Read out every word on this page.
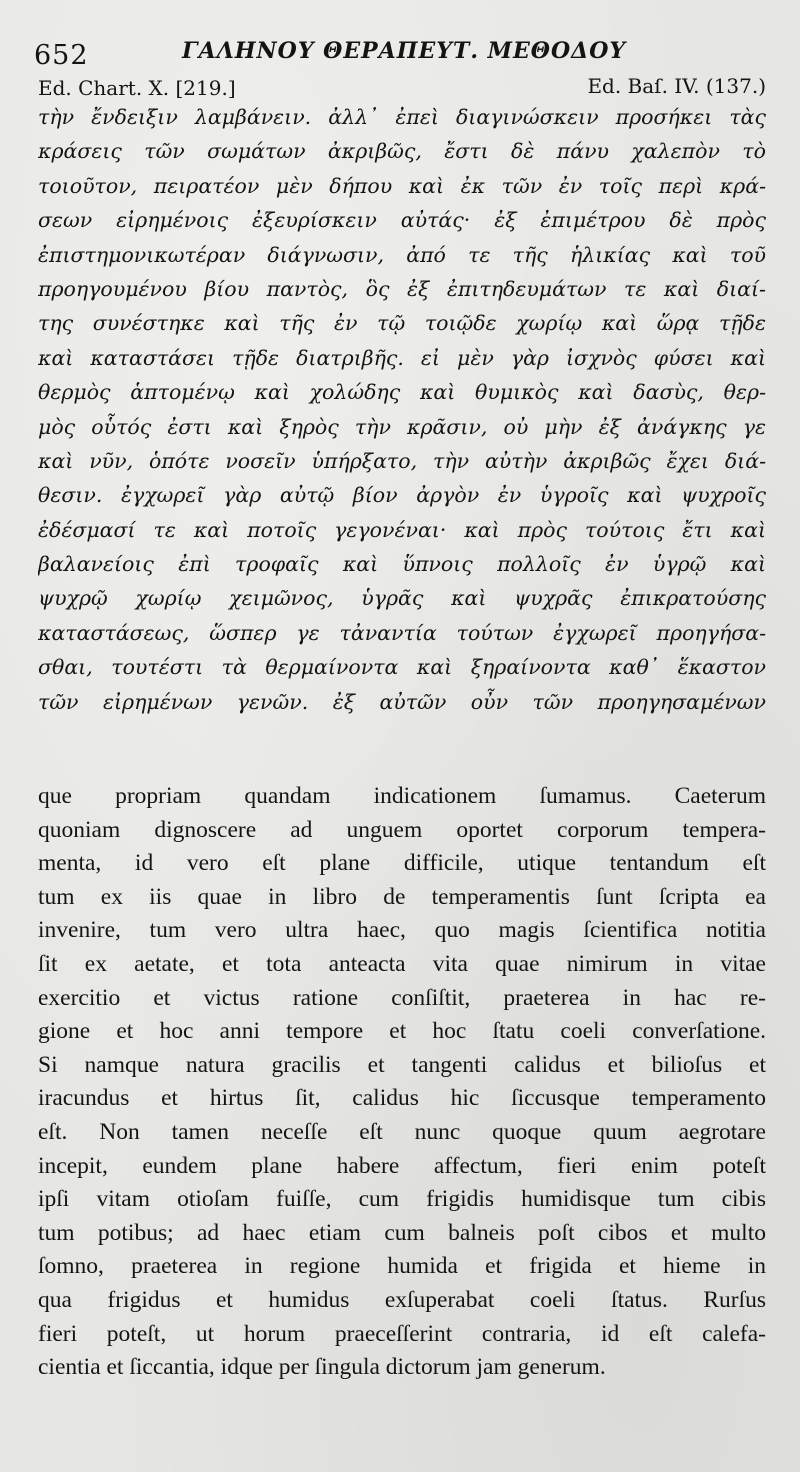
652	ΓΑΛΗΝΟΥ ΘΕΡΑΠΕΥΤ. ΜΕΘΟΔΟΥ
Ed. Chart. X. [219.]	Ed. Baſ. IV. (137.)
τὴν ἔνδειξιν λαμβάνειν. ἀλλ᾽ ἐπεὶ διαγινώσκειν προσήκει τὰς
κράσεις τῶν σωμάτων ἀκριβῶς, ἔστι δὲ πάνυ χαλεπὸν τὸ
τοιοῦτον, πειρατέον μὲν δήπου καὶ ἐκ τῶν ἐν τοῖς περὶ κρά-
σεων εἰρημένοις ἐξευρίσκειν αὐτάς· ἐξ ἐπιμέτρου δὲ πρὸς
ἐπιστημονικωτέραν διάγνωσιν, ἀπό τε τῆς ἡλικίας καὶ τοῦ
προηγουμένου βίου παντὸς, ὃς ἐξ ἐπιτηδευμάτων τε καὶ διαί-
της συνέστηκε καὶ τῆς ἐν τῷ τοιῷδε χωρίῳ καὶ ὥρᾳ τῇδε
καὶ καταστάσει τῇδε διατριβῆς. εἰ μὲν γὰρ ἰσχνὸς φύσει καὶ
θερμὸς ἁπτομένῳ καὶ χολώδης καὶ θυμικὸς καὶ δασὺς, θερ-
μὸς οὗτός ἐστι καὶ ξηρὸς τὴν κρᾶσιν, οὐ μὴν ἐξ ἀνάγκης γε
καὶ νῦν, ὁπότε νοσεῖν ὑπήρξατο, τὴν αὐτὴν ἀκριβῶς ἔχει διά-
θεσιν. ἐγχωρεῖ γὰρ αὐτῷ βίον ἀργὸν ἐν ὑγροῖς καὶ ψυχροῖς
ἐδέσμασί τε καὶ ποτοῖς γεγονέναι· καὶ πρὸς τούτοις ἔτι καὶ
βαλανείοις ἐπὶ τροφαῖς καὶ ὕπνοις πολλοῖς ἐν ὑγρῷ καὶ
ψυχρῷ χωρίῳ χειμῶνος, ὑγρᾶς καὶ ψυχρᾶς ἐπικρατούσης
καταστάσεως, ὥσπερ γε τἀναντία τούτων ἐγχωρεῖ προηγήσα-
σθαι, τουτέστι τὰ θερμαίνοντα καὶ ξηραίνοντα καθ᾽ ἕκαστον
τῶν εἰρημένων γενῶν. ἐξ αὐτῶν οὖν τῶν προηγησαμένων
que propriam quandam indicationem ſumamus. Caeterum
quoniam dignoscere ad unguem oportet corporum tempera-
menta, id vero eſt plane difficile, utique tentandum eſt
tum ex iis quae in libro de temperamentis ſunt ſcripta ea
invenire, tum vero ultra haec, quo magis ſcientifica notitia
ſit ex aetate, et tota anteacta vita quae nimirum in vitae
exercitio et victus ratione conſiſtit, praeterea in hac re-
gione et hoc anni tempore et hoc ſtatu coeli converſatione.
Si namque natura gracilis et tangenti calidus et bilioſus et
iracundus et hirtus ſit, calidus hic ſiccusque temperamento
eſt. Non tamen neceſſe eſt nunc quoque quum aegrotare
incepit, eundem plane habere affectum, fieri enim poteſt
ipſi vitam otioſam fuiſſe, cum frigidis humidisque tum cibis
tum potibus; ad haec etiam cum balneis poſt cibos et multo
ſomno, praeterea in regione humida et frigida et hieme in
qua frigidus et humidus exſuperabat coeli ſtatus. Rurſus
fieri poteſt, ut horum praeceſſerint contraria, id eſt calefa-
cientia et ſiccantia, idque per ſingula dictorum jam generum.
